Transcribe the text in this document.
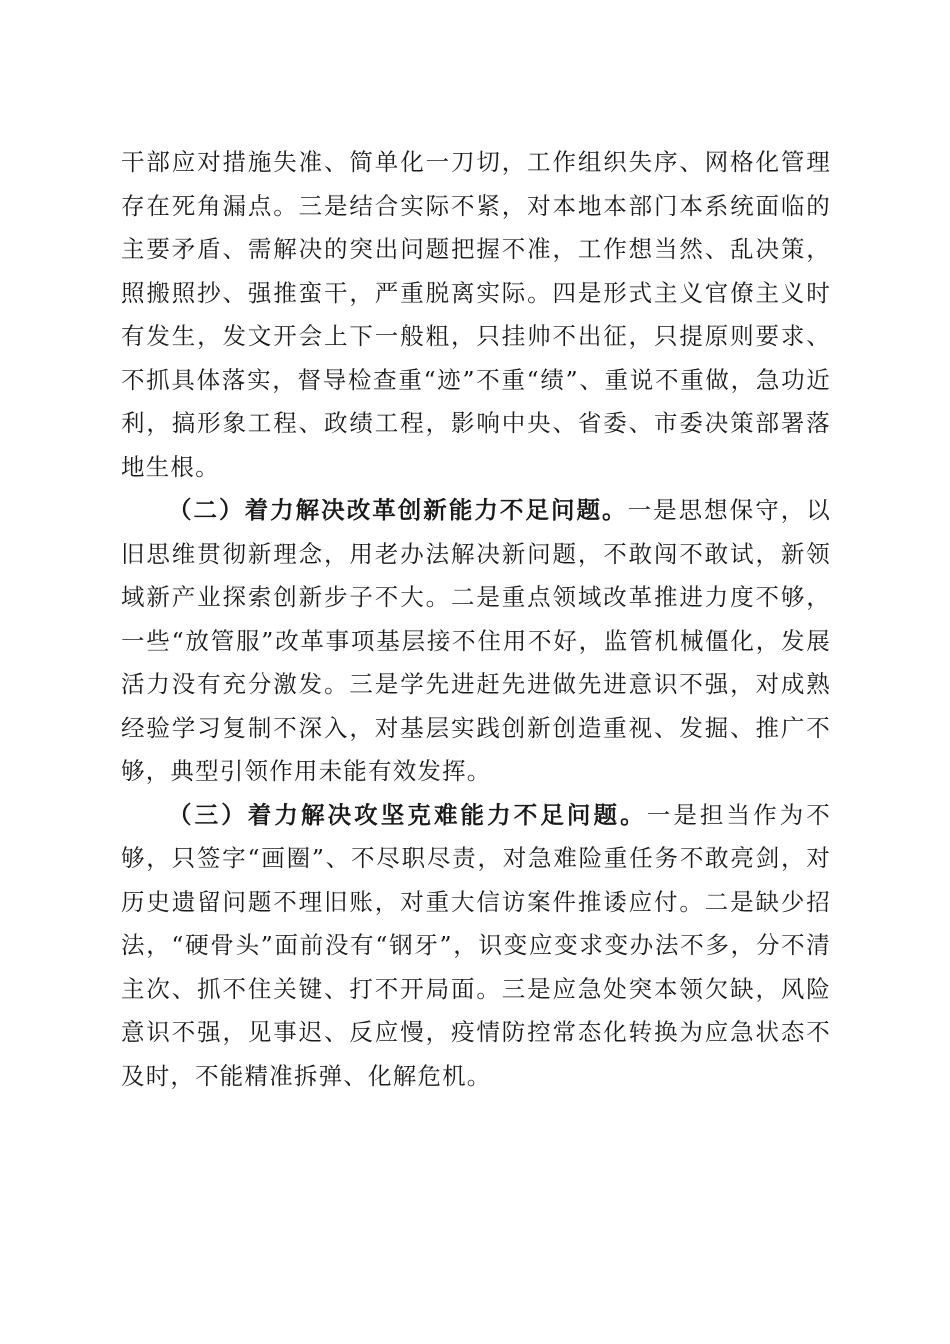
干部应对措施失准、简单化一刀切，工作组织失序、网格化管理存在死角漏点。三是结合实际不紧，对本地本部门本系统面临的主要矛盾、需解决的突出问题把握不准，工作想当然、乱决策，照搬照抄、强推蛮干，严重脱离实际。四是形式主义官僚主义时有发生，发文开会上下一般粗，只挂帅不出征，只提原则要求、不抓具体落实，督导检查重“迹”不重“绩”、重说不重做，急功近利，搞形象工程、政绩工程，影响中央、省委、市委决策部署落地生根。

（二）着力解决改革创新能力不足问题。一是思想保守，以旧思维贯彻新理念，用老办法解决新问题，不敢闯不敢试，新领域新产业探索创新步子不大。二是重点领域改革推进力度不够，一些“放管服”改革事项基层接不住用不好，监管机械僵化，发展活力没有充分激发。三是学先进赶先进做先进意识不强，对成熟经验学习复制不深入，对基层实践创新创造重视、发掘、推广不够，典型引领作用未能有效发挥。

（三）着力解决攻坚克难能力不足问题。一是担当作为不够，只签字“画圈”、不尽职尽责，对急难险重任务不敢亮剑，对历史遗留问题不理旧账，对重大信访案件推诿应付。二是缺少招法，“硬骨头”面前没有“钢牙”，识变应变求变办法不多，分不清主次、抓不住关键、打不开局面。三是应急处突本领欠缺，风险意识不强，见事迟、反应慢，疫情防控常态化转换为应急状态不及时，不能精准拆弹、化解危机。
